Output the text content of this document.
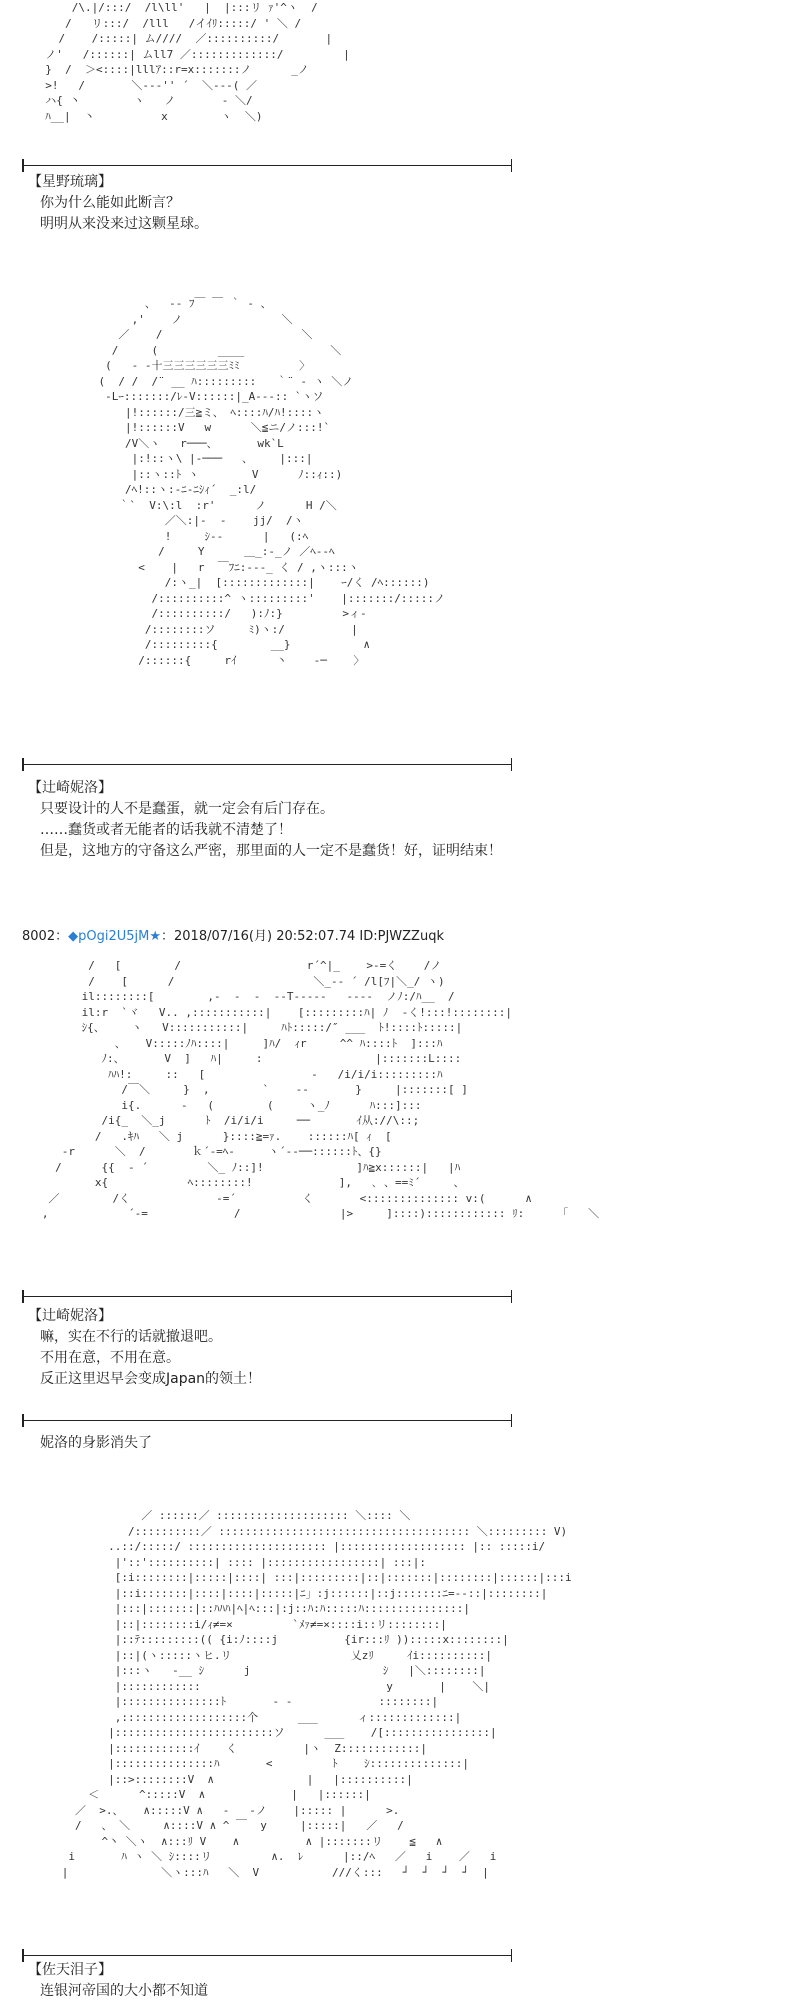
/\.|/:::/  /l\ll'   |  |:::リ ｧ'^ヽ  /
/   リ:::/  /lll   /イｲﾘ:::::/ ' ＼ /
/    /:::::| ム////  ／::::::::::/       |
ノ'   /::::::| ムll7 ／:::::::::::::/         |
}  /  ＞<::::|lllｱ::r=x:::::::ノ      _ノ
>!   /       ＼--‐'' ´  ＼-‐-( ／
ハ{ 丶        ヽ   ノ       - ＼/
ﾊ__|  丶          x        ヽ  ＼)
【星野琉璃】
你为什么能如此断言？
明明从来没来过这颗星球。
、  -- ﾌ￣ ￣ ｀ - 、
,'    ノ               ＼
／    /                     ＼
/     (         ____             ＼
(   - ‐十三三三三三三ﾐﾐ         〉
(  / /  /¨ __ ﾊ:::::::::   ｀¨ - ヽ ＼ノ
‐Lｰ:::::::/ﾚ‐V::::::|_A‐--:: `ヽソ
|!::::::/三≧ミ、 ﾍ::::ﾊ/ﾊ!::::ヽ
|!::::::V   w      ＼≦ニ/ノ:::!`
/V＼ヽ   r───、      wk`L
|:!::ヽ\ |‐───   、    |:::|
|::ヽ::ﾄ ヽ        V      ﾉ::ｨ::)
/ﾍ!::ヽ:-ﾆ‐ﾆｼｨ´  _:l/
｀`  V:\:l  :r'      ノ      H /＼
／＼:|-  ‐    jj/  /ヽ
!     ｼ‐‐      |   (:ﾍ
/     Y      ＿_:-_ノ ／ﾍ--ﾍ
<    |   r  ￣ﾌﾆ:‐--_ く / ,ヽ:::ヽ
/:ヽ_|  [:::::::::::::|    ｰ/く /ﾍ::::::)
/::::::::::^ ヽ:::::::::'    |:::::::/:::::ノ
/::::::::::/   ):ﾉ:}         >ィ‐
/::::::::ソ     ﾐ)ヽ:/          |
/:::::::::{        __}           ∧
/::::::{     rｲ      丶    ‐─    〉
【辻崎妮洛】
只要设计的人不是蠢蛋，就一定会有后门存在。
……蠢货或者无能者的话我就不清楚了！
但是，这地方的守备这么严密，那里面的人一定不是蠢货！好，证明结束！
8002：◆pOgi2U5jM★：2018/07/16(月) 20:52:07.74 ID:PJWZZuqk
/   [        /                   r´^|_    >-=く    /ノ
/    [      /                     ＼_-- ´ /l[ﾌ|＼_/ ヽ)
il::::::::[        ,-  -  ‐  ‐‐T‐‐‐‐‐   ‐‐‐‐  ノﾉ:/ﾊ__  /
il:r  `ヾ   V.. ,:::::::::::|    [:::::::::ﾊ| ﾉ  ‐く!:::!::::::::|
ｼ{、    ヽ   V:::::::::::|     ﾊﾄ:::::/″ ___  ﾄ!::::ﾄ:::::|
、   V:::::ﾉﾊ::::|     ]ﾊ/  ｨr     ^^ ﾊ::::ﾄ  ]:::ﾊ
ﾉ:、      V  ]   ﾊ|     :                 |:::::::L::::
ﾊﾊ!:     ::   [                -   /i/i/i:::::::::ﾊ
/￣＼     }  ,        `    ‐‐       }     |:::::::[ ]
i{.      ‐   (        (     ヽ_ﾉ      ﾊ:::]:::
/i{_  ＼_j      ﾄ  /i/i/i     ──       ｲ从://\::;
/   .ｷﾊ   ＼ j      }::::≧=ｧ.    ::::::ﾊ[ ｨ  [
‐r      ＼  /       ｋ´‐=ﾍ‐     ヽ´‐‐──::::::ﾄ、{}
/      {{  ‐ ´         ＼_ ﾉ::]!              ]ﾊ≧x::::::|   |ﾊ
x{            ﾍ::::::::!             ],   ､ 、==ﾐ´     、
／        /く             ‐=´          く       <:::::::::::::: v:(      ∧
,            ´‐=             /               |>     ]::::):::::::::::: ﾘ:     「   ＼
【辻崎妮洛】
嘛，实在不行的话就撤退吧。
不用在意，不用在意。
反正这里迟早会变成Japan的领土！
妮洛的身影消失了
／ ::::::／ :::::::::::::::::::: ＼:::: ＼
/::::::::::／ :::::::::::::::::::::::::::::::::::::: ＼::::::::: V)
..::/:::::/ ::::::::::::::::::::: |::::::::::::::::::: |:: :::::i/
|'::'::::::::::| :::: |:::::::::::::::::| :::|:
[:i::::::::|:::::|::::| :::|:::::::::|::|:::::::|::::::::|::::::|:::i
|::i:::::::|::::|::::|:::::|ﾆ」:j::::::|::j:::::::ﾆ=‐‐::|::::::::|
|:::|:::::::|::ﾊﾊﾊ|ﾍ|ﾍ:::|:j::ﾊ:ﾊ:::::ﾊ:::::::::::::::|
|::|::::::::i/ｨ≠=×         `ﾒｧ≠=×::::i::リ::::::::|
|::ﾃ:::::::::(( {i:ﾉ::::j          {ir:::ﾘ )):::::x::::::::|
|::|(ヽ:::::ヽヒ.リ                  乂zﾘ     ｲi::::::::::|
|:::ヽ   ‐__ ｼ      j                    ｼ   |＼::::::::|
|::::::::::::                            y       |    ＼|
|:::::::::::::::ﾄ       ‐ ‐             ::::::::|
,:::::::::::::::::::个      ___      ィ:::::::::::::|
|::::::::::::::::::::::::ソ      ___    /[::::::::::::::::|
|::::::::::::ｲ    く          |ヽ  Z::::::::::::|
|:::::::::::::::ﾊ       <         ﾄ    ｼ::::::::::::::|
|::>::::::::V  ∧              |   |::::::::::|
＜      ^:::::V  ∧             |   |::::::|
／  >.、   ∧:::::V ∧   ‐   ‐ノ    |::::: |      >.
/   、 ＼     ∧::::V ∧ ^ ￣  y     |:::::|   ／   /
^丶 ＼ヽ  ∧:::ﾘ V    ∧          ∧ |:::::::リ    ≦   ∧
i       ﾊ ヽ ＼ ｼ::::リ         ∧.  ﾚ      |::/ﾍ   ／   i    ／   i
|              ＼ヽ:::ﾊ   ＼  V           ///く:::   ┘  ┘  ┘  ┘  |
【佐天泪子】
连银河帝国的大小都不知道
